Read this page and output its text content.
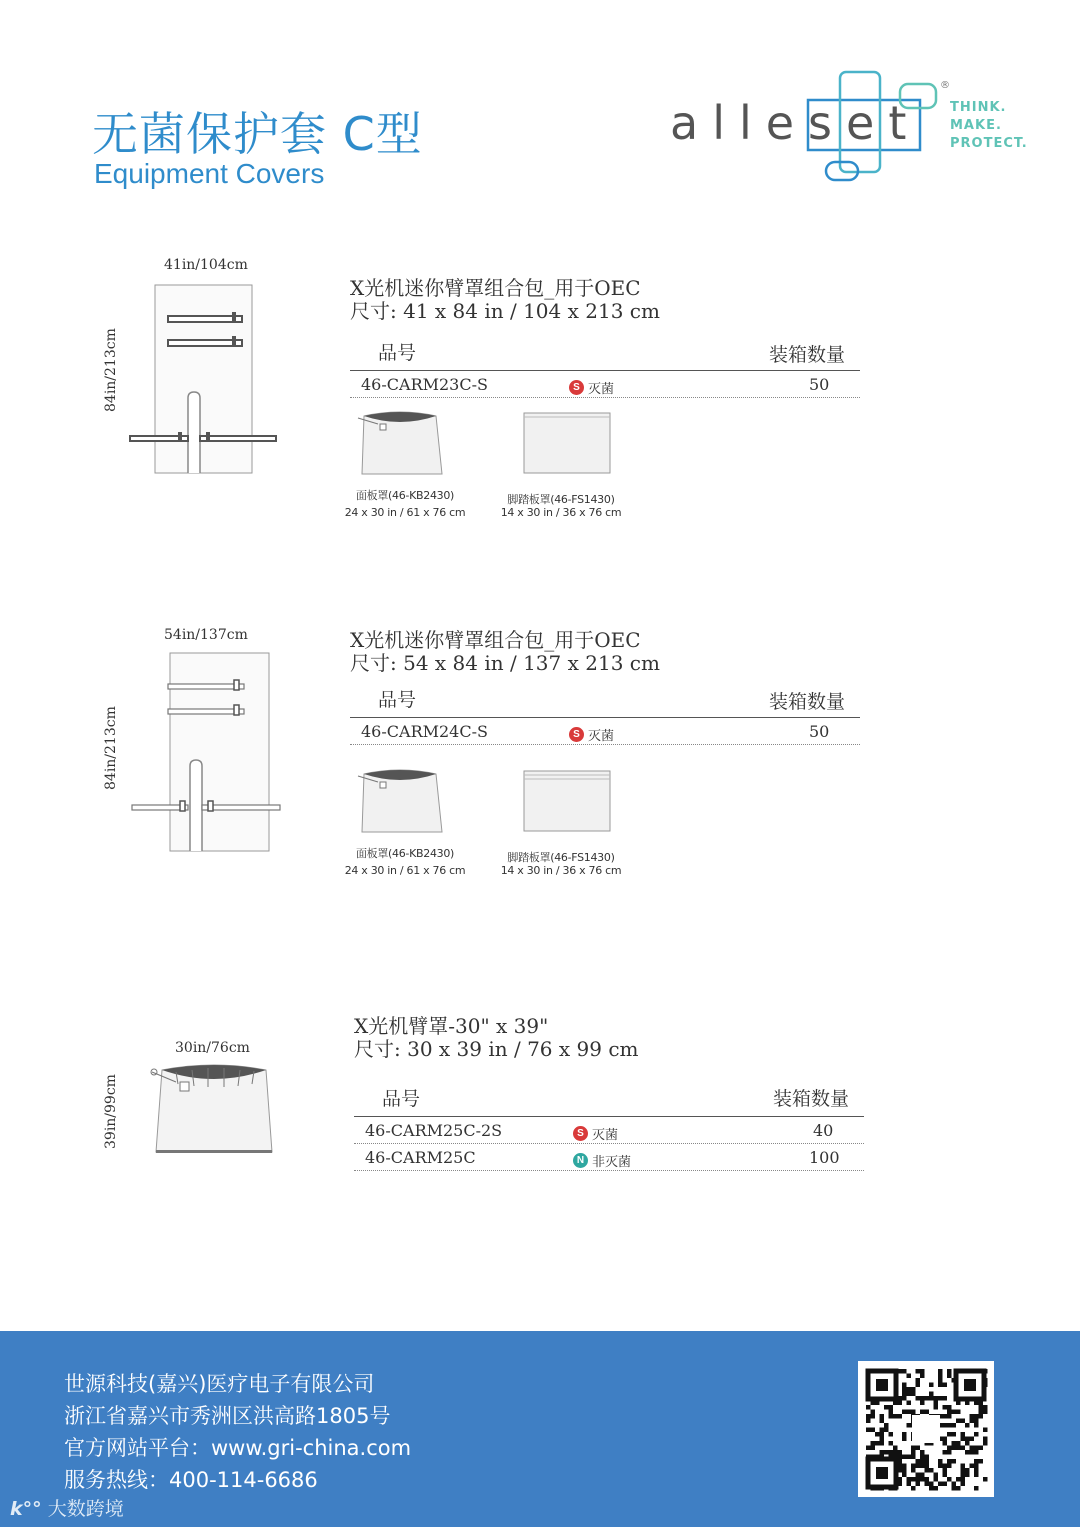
无菌保护套 C型
Equipment Covers
alleset
®
THINK.
MAKE.
PROTECT.
41in/104cm
84in/213cm
X光机迷你臂罩组合包_用于OEC
尺寸: 41 x 84 in / 104 x 213 cm
品号	装箱数量
46-CARM23C-S	S 灭菌	50
面板罩(46-KB2430)
24 x 30 in / 61 x 76 cm
脚踏板罩(46-FS1430)
14 x 30 in / 36 x 76 cm
54in/137cm
84in/213cm
X光机迷你臂罩组合包_用于OEC
尺寸: 54 x 84 in / 137 x 213 cm
品号	装箱数量
46-CARM24C-S	S 灭菌	50
面板罩(46-KB2430)
24 x 30 in / 61 x 76 cm
脚踏板罩(46-FS1430)
14 x 30 in / 36 x 76 cm
30in/76cm
39in/99cm
X光机臂罩-30" x 39"
尺寸: 30 x 39 in / 76 x 99 cm
品号	装箱数量
46-CARM25C-2S	S 灭菌	40
46-CARM25C	N 非灭菌	100
世源科技(嘉兴)医疗电子有限公司
浙江省嘉兴市秀洲区洪高路1805号
官方网站平台：www.gri-china.com
服务热线：400-114-6686
k°° 大数跨境
